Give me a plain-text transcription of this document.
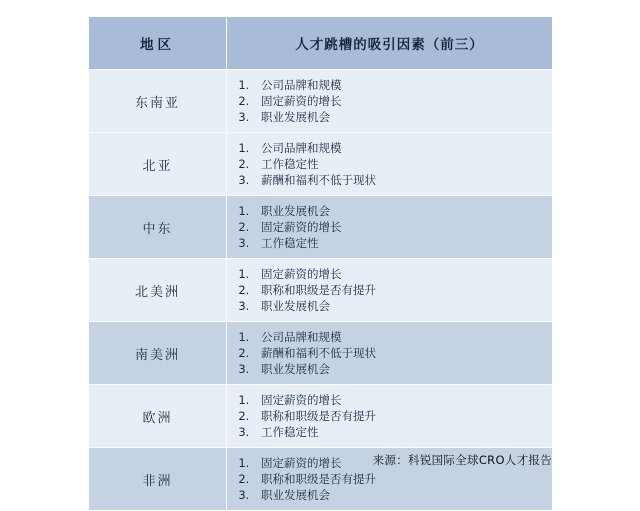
地区	人才跳槽的吸引因素（前三）
东南亚	
1. 公司品牌和规模
2. 固定薪资的增长
3. 职业发展机会

北亚	
1. 公司品牌和规模
2. 工作稳定性
3. 薪酬和福利不低于现状

中东	
1. 职业发展机会
2. 固定薪资的增长
3. 工作稳定性

北美洲	
1. 固定薪资的增长
2. 职称和职级是否有提升
3. 职业发展机会

南美洲	
1. 公司品牌和规模
2. 薪酬和福利不低于现状
3. 职业发展机会

欧洲	
1. 固定薪资的增长
2. 职称和职级是否有提升
3. 工作稳定性

非洲	
1. 固定薪资的增长
2. 职称和职级是否有提升
3. 职业发展机会
来源：科锐国际全球CRO人才报告
